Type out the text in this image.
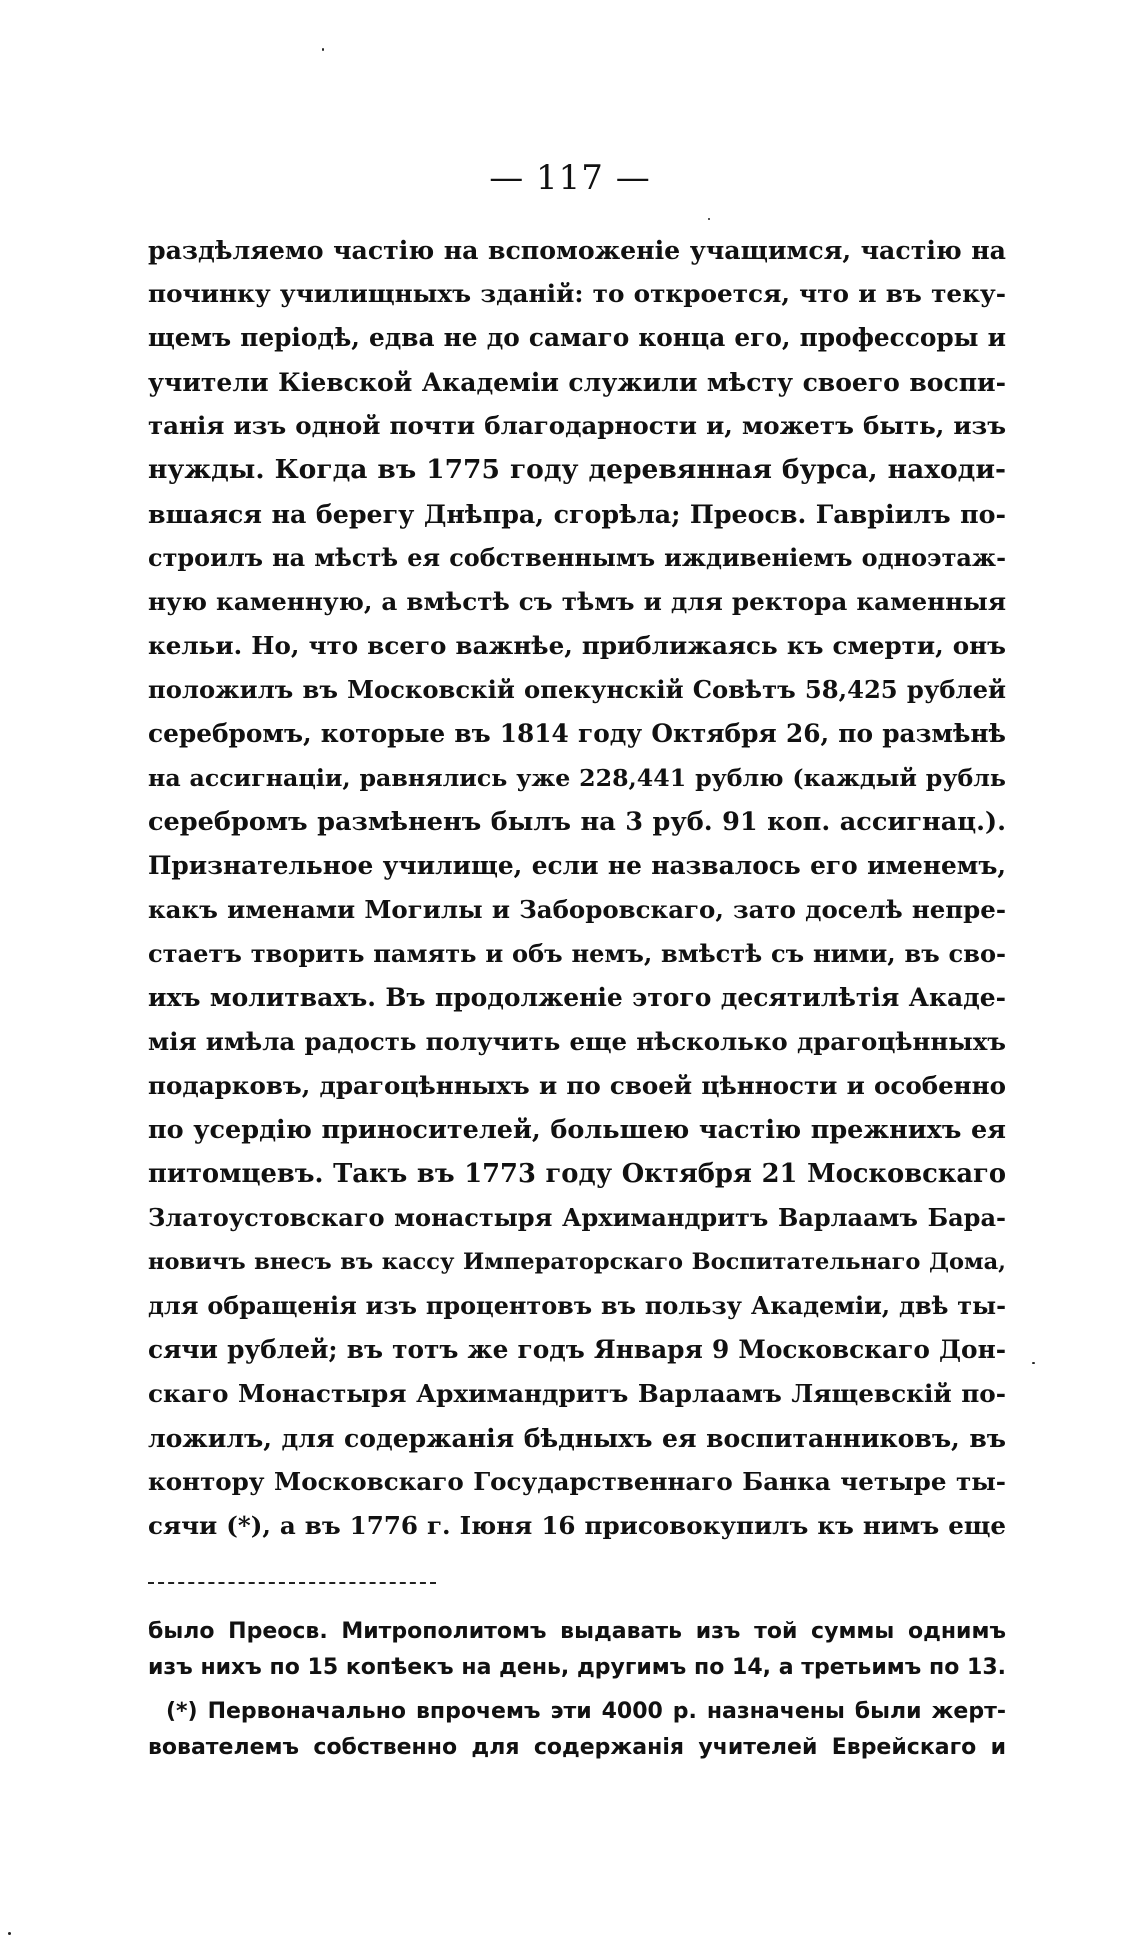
— 117 —
раздѣляемо частію на вспоможеніе учащимся, частію на
починку училищныхъ зданій: то откроется, что и въ теку-
щемъ періодѣ, едва не до самаго конца его, профессоры и
учители Кіевской Академіи служили мѣсту своего воспи-
танія изъ одной почти благодарности и, можетъ быть, изъ
нужды. Когда въ 1775 году деревянная бурса, находи-
вшаяся на берегу Днѣпра, сгорѣла; Преосв. Гавріилъ по-
строилъ на мѣстѣ ея собственнымъ иждивеніемъ одноэтаж-
ную каменную, а вмѣстѣ съ тѣмъ и для ректора каменныя
кельи. Но, что всего важнѣе, приближаясь къ смерти, онъ
положилъ въ Московскій опекунскій Совѣтъ 58,425 рублей
серебромъ, которые въ 1814 году Октября 26, по размѣнѣ
на ассигнаціи, равнялись уже 228,441 рублю (каждый рубль
серебромъ размѣненъ былъ на 3 руб. 91 коп. ассигнац.).
Признательное училище, если не назвалось его именемъ,
какъ именами Могилы и Заборовскаго, зато доселѣ непре-
стаетъ творить память и объ немъ, вмѣстѣ съ ними, въ сво-
ихъ молитвахъ. Въ продолженіе этого десятилѣтія Акаде-
мія имѣла радость получить еще нѣсколько драгоцѣнныхъ
подарковъ, драгоцѣнныхъ и по своей цѣнности и особенно
по усердію приносителей, большею частію прежнихъ ея
питомцевъ. Такъ въ 1773 году Октября 21 Московскаго
Златоустовскаго монастыря Архимандритъ Варлаамъ Бара-
новичъ внесъ въ кассу Императорскаго Воспитательнаго Дома,
для обращенія изъ процентовъ въ пользу Академіи, двѣ ты-
сячи рублей; въ тотъ же годъ Января 9 Московскаго Дон-
скаго Монастыря Архимандритъ Варлаамъ Лящевскій по-
ложилъ, для содержанія бѣдныхъ ея воспитанниковъ, въ
контору Московскаго Государственнаго Банка четыре ты-
сячи (*), а въ 1776 г. Іюня 16 присовокупилъ къ нимъ еще
было Преосв. Митрополитомъ выдавать изъ той суммы однимъ
изъ нихъ по 15 копѣекъ на день, другимъ по 14, а третьимъ по 13.
(*) Первоначально впрочемъ эти 4000 р. назначены были жерт-
вователемъ собственно для содержанія учителей Еврейскаго и
